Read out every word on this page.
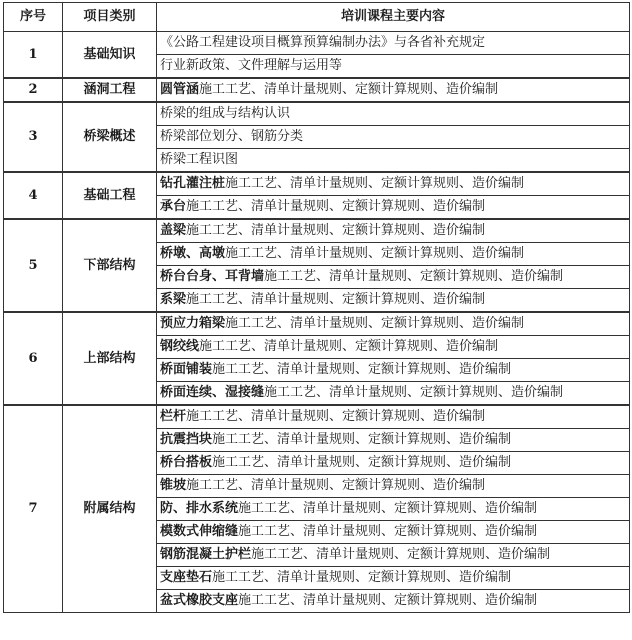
序号	项目类别	培训课程主要内容
1	基础知识	《公路工程建设项目概算预算编制办法》与各省补充规定
		行业新政策、文件理解与运用等
2	涵洞工程	圆管涵施工工艺、清单计量规则、定额计算规则、造价编制
3	桥梁概述	桥梁的组成与结构认识
		桥梁部位划分、钢筋分类
		桥梁工程识图
4	基础工程	钻孔灌注桩施工工艺、清单计量规则、定额计算规则、造价编制
		承台施工工艺、清单计量规则、定额计算规则、造价编制
5	下部结构	盖梁施工工艺、清单计量规则、定额计算规则、造价编制
		桥墩、高墩施工工艺、清单计量规则、定额计算规则、造价编制
		桥台台身、耳背墙施工工艺、清单计量规则、定额计算规则、造价编制
		系梁施工工艺、清单计量规则、定额计算规则、造价编制
6	上部结构	预应力箱梁施工工艺、清单计量规则、定额计算规则、造价编制
		钢绞线施工工艺、清单计量规则、定额计算规则、造价编制
		桥面铺装施工工艺、清单计量规则、定额计算规则、造价编制
		桥面连续、湿接缝施工工艺、清单计量规则、定额计算规则、造价编制
7	附属结构	栏杆施工工艺、清单计量规则、定额计算规则、造价编制
		抗震挡块施工工艺、清单计量规则、定额计算规则、造价编制
		桥台搭板施工工艺、清单计量规则、定额计算规则、造价编制
		锥坡施工工艺、清单计量规则、定额计算规则、造价编制
		防、排水系统施工工艺、清单计量规则、定额计算规则、造价编制
		模数式伸缩缝施工工艺、清单计量规则、定额计算规则、造价编制
		钢筋混凝土护栏施工工艺、清单计量规则、定额计算规则、造价编制
		支座垫石施工工艺、清单计量规则、定额计算规则、造价编制
		盆式橡胶支座施工工艺、清单计量规则、定额计算规则、造价编制
